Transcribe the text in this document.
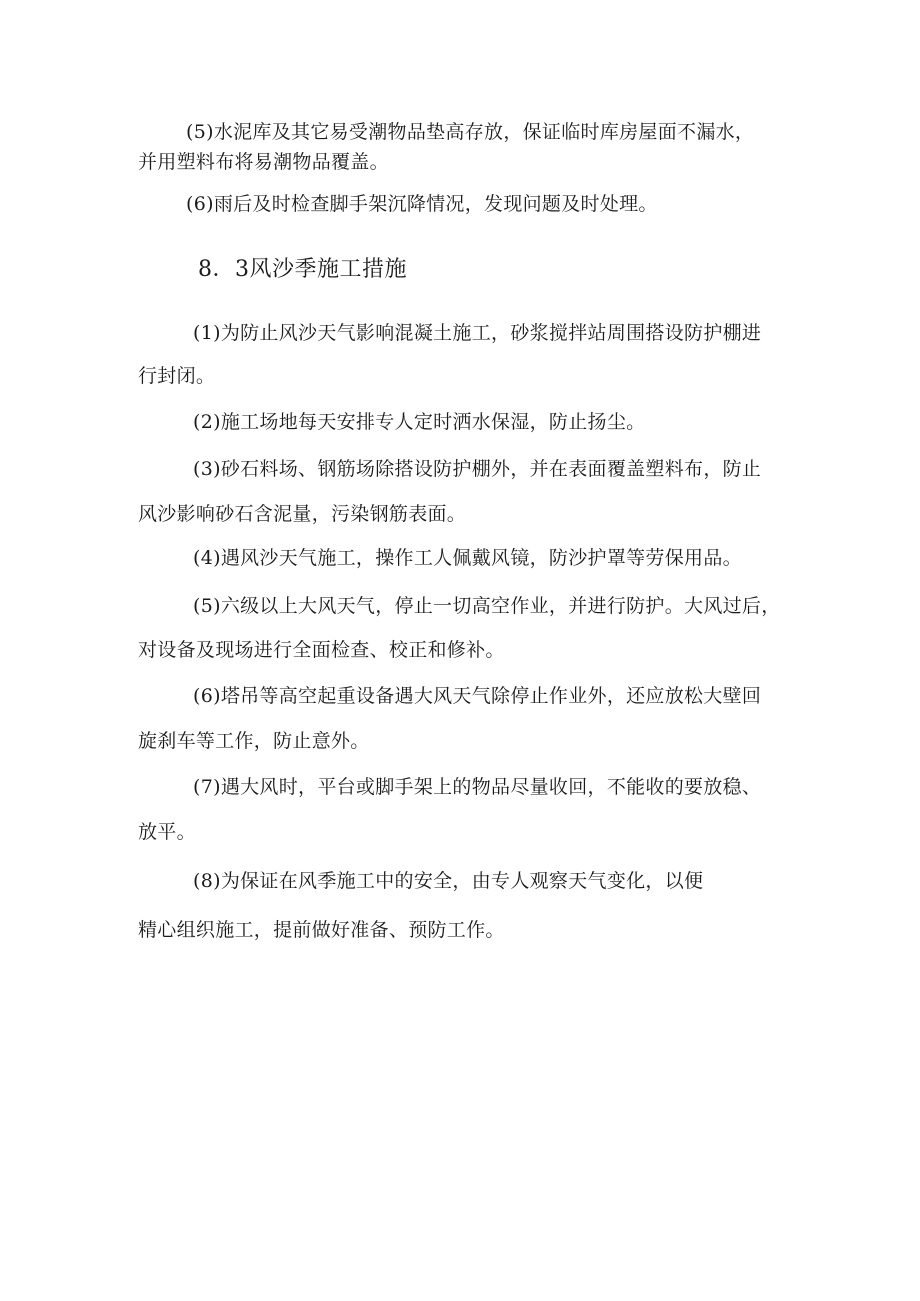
(5)水泥库及其它易受潮物品垫高存放，保证临时库房屋面不漏水，
并用塑料布将易潮物品覆盖。
(6)雨后及时检查脚手架沉降情况，发现问题及时处理。
8．3风沙季施工措施
(1)为防止风沙天气影响混凝土施工，砂浆搅拌站周围搭设防护棚进
行封闭。
(2)施工场地每天安排专人定时洒水保湿，防止扬尘。
(3)砂石料场、钢筋场除搭设防护棚外，并在表面覆盖塑料布，防止
风沙影响砂石含泥量，污染钢筋表面。
(4)遇风沙天气施工，操作工人佩戴风镜，防沙护罩等劳保用品。
(5)六级以上大风天气，停止一切高空作业，并进行防护。大风过后，
对设备及现场进行全面检查、校正和修补。
(6)塔吊等高空起重设备遇大风天气除停止作业外，还应放松大壁回
旋刹车等工作，防止意外。
(7)遇大风时，平台或脚手架上的物品尽量收回，不能收的要放稳、
放平。
(8)为保证在风季施工中的安全，由专人观察天气变化，以便
精心组织施工，提前做好准备、预防工作。
